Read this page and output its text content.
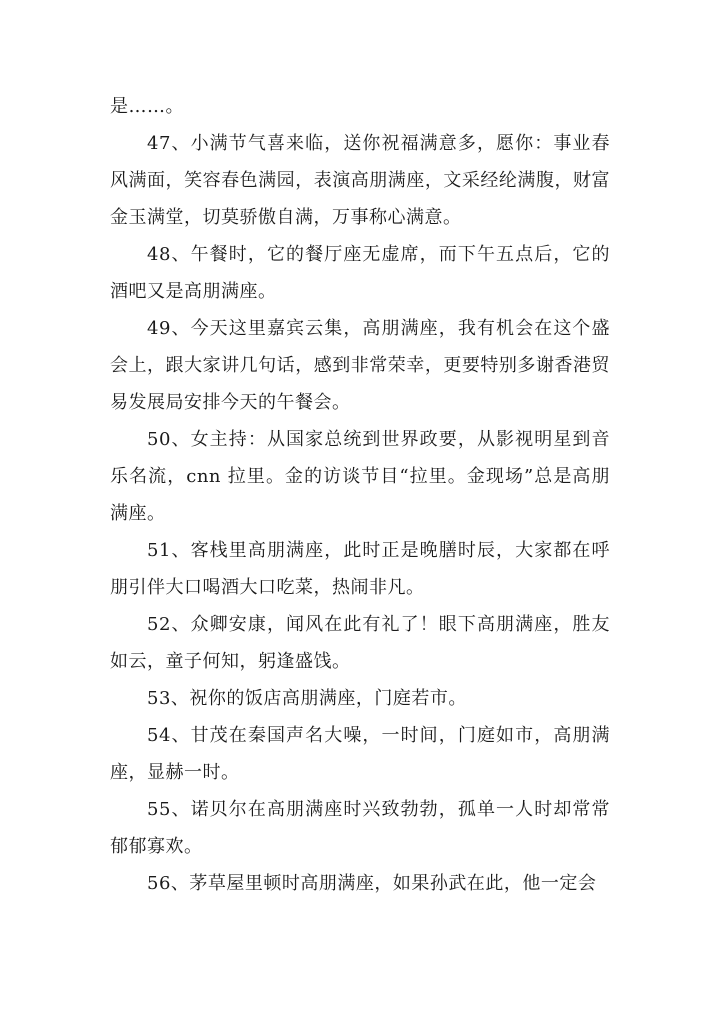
是……。

47、小满节气喜来临，送你祝福满意多，愿你：事业春风满面，笑容春色满园，表演高朋满座，文采经纶满腹，财富金玉满堂，切莫骄傲自满，万事称心满意。

48、午餐时，它的餐厅座无虚席，而下午五点后，它的酒吧又是高朋满座。

49、今天这里嘉宾云集，高朋满座，我有机会在这个盛会上，跟大家讲几句话，感到非常荣幸，更要特别多谢香港贸易发展局安排今天的午餐会。

50、女主持：从国家总统到世界政要，从影视明星到音乐名流，cnn 拉里。金的访谈节目“拉里。金现场”总是高朋满座。

51、客栈里高朋满座，此时正是晚膳时辰，大家都在呼朋引伴大口喝酒大口吃菜，热闹非凡。

52、众卿安康，闻风在此有礼了！眼下高朋满座，胜友如云，童子何知，躬逢盛饯。

53、祝你的饭店高朋满座，门庭若市。

54、甘茂在秦国声名大噪，一时间，门庭如市，高朋满座，显赫一时。

55、诺贝尔在高朋满座时兴致勃勃，孤单一人时却常常郁郁寡欢。

56、茅草屋里顿时高朋满座，如果孙武在此，他一定会
